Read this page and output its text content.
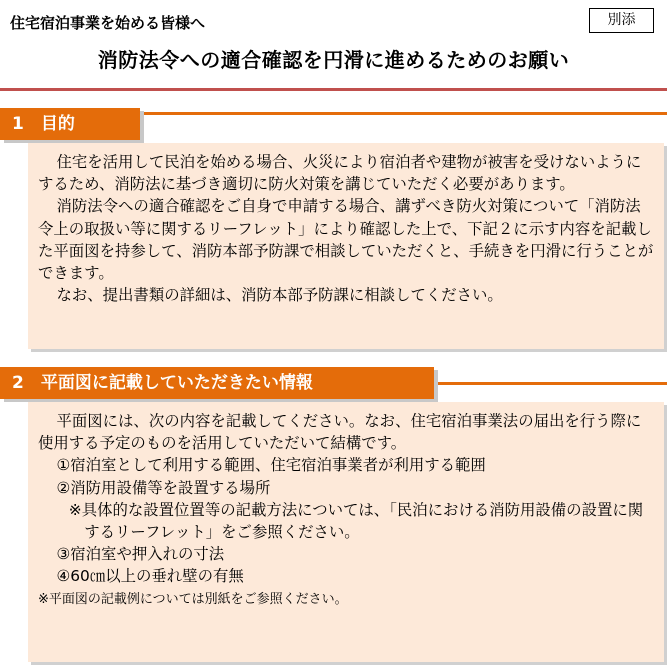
住宅宿泊事業を始める皆様へ	別添
消防法令への適合確認を円滑に進めるためのお願い
1　目的

住宅を活用して民泊を始める場合、火災により宿泊者や建物が被害を受けないようにするため、消防法に基づき適切に防火対策を講じていただく必要があります。

消防法令への適合確認をご自身で申請する場合、講ずべき防火対策について「消防法令上の取扱い等に関するリーフレット」により確認した上で、下記２に示す内容を記載した平面図を持参して、消防本部予防課で相談していただくと、手続きを円滑に行うことができます。

なお、提出書類の詳細は、消防本部予防課に相談してください。

2　平面図に記載していただきたい情報

平面図には、次の内容を記載してください。なお、住宅宿泊事業法の届出を行う際に使用する予定のものを活用していただいて結構です。

①宿泊室として利用する範囲、住宅宿泊事業者が利用する範囲

②消防用設備等を設置する場所

※具体的な設置位置等の記載方法については、「民泊における消防用設備の設置に関するリーフレット」をご参照ください。

③宿泊室や押入れの寸法

④60㎝以上の垂れ壁の有無

※平面図の記載例については別紙をご参照ください。
